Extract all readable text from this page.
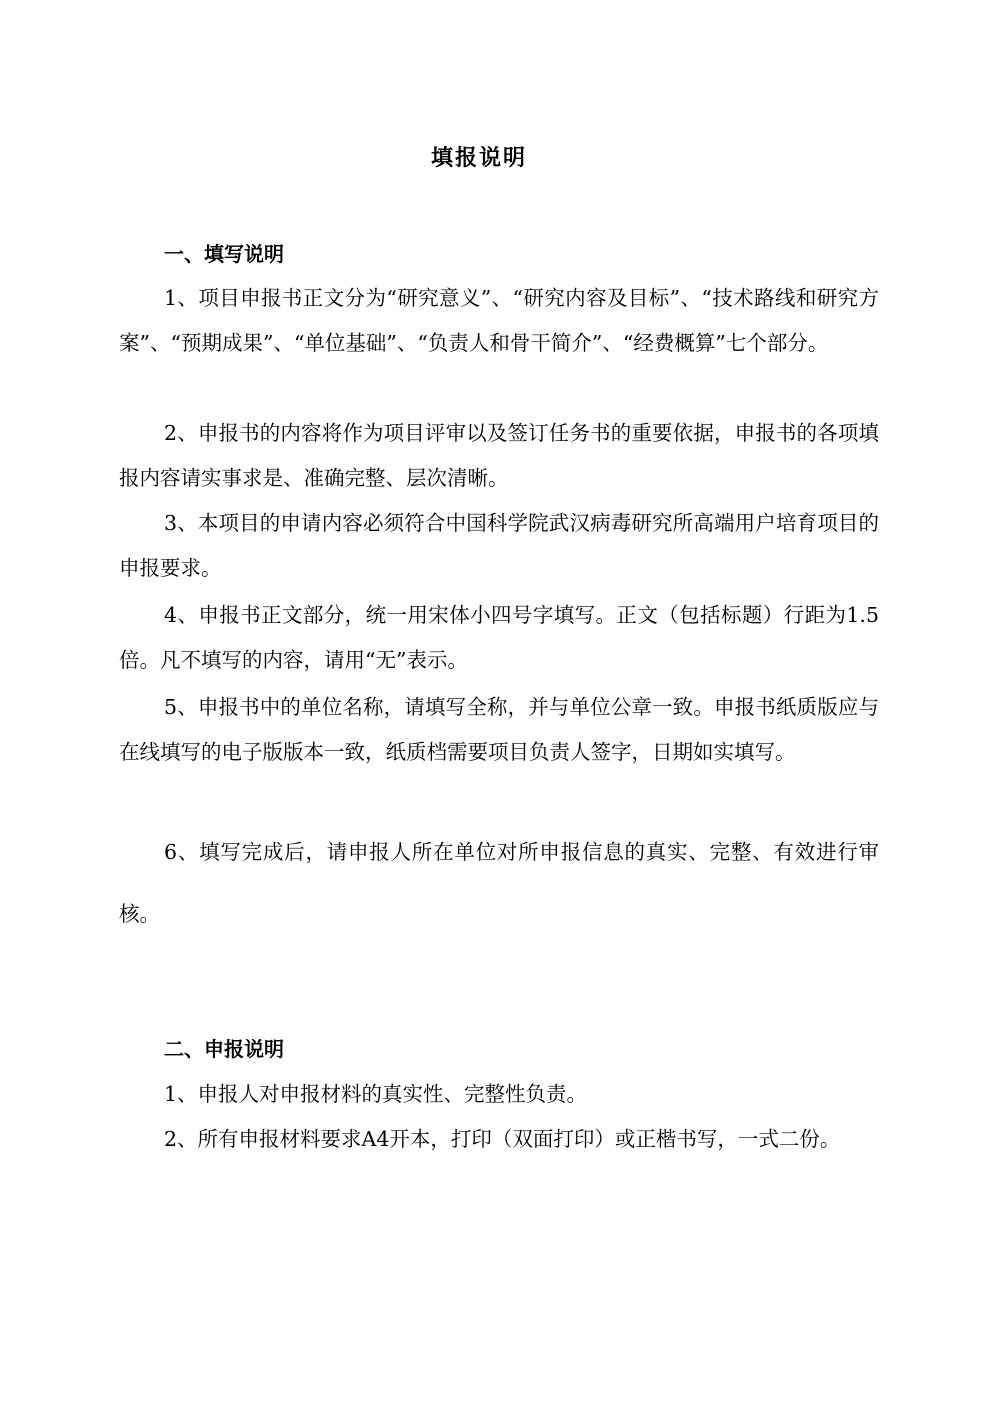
填报说明
一、填写说明

1、项目申报书正文分为“研究意义”、“研究内容及目标”、“技术路线和研究方案”、“预期成果”、“单位基础”、“负责人和骨干简介”、“经费概算”七个部分。

2、申报书的内容将作为项目评审以及签订任务书的重要依据，申报书的各项填报内容请实事求是、准确完整、层次清晰。

3、本项目的申请内容必须符合中国科学院武汉病毒研究所高端用户培育项目的申报要求。

4、申报书正文部分，统一用宋体小四号字填写。正文（包括标题）行距为1.5倍。凡不填写的内容，请用“无”表示。

5、申报书中的单位名称，请填写全称，并与单位公章一致。申报书纸质版应与在线填写的电子版版本一致，纸质档需要项目负责人签字，日期如实填写。

6、填写完成后，请申报人所在单位对所申报信息的真实、完整、有效进行审核。

二、申报说明

1、申报人对申报材料的真实性、完整性负责。

2、所有申报材料要求A4开本，打印（双面打印）或正楷书写，一式二份。
